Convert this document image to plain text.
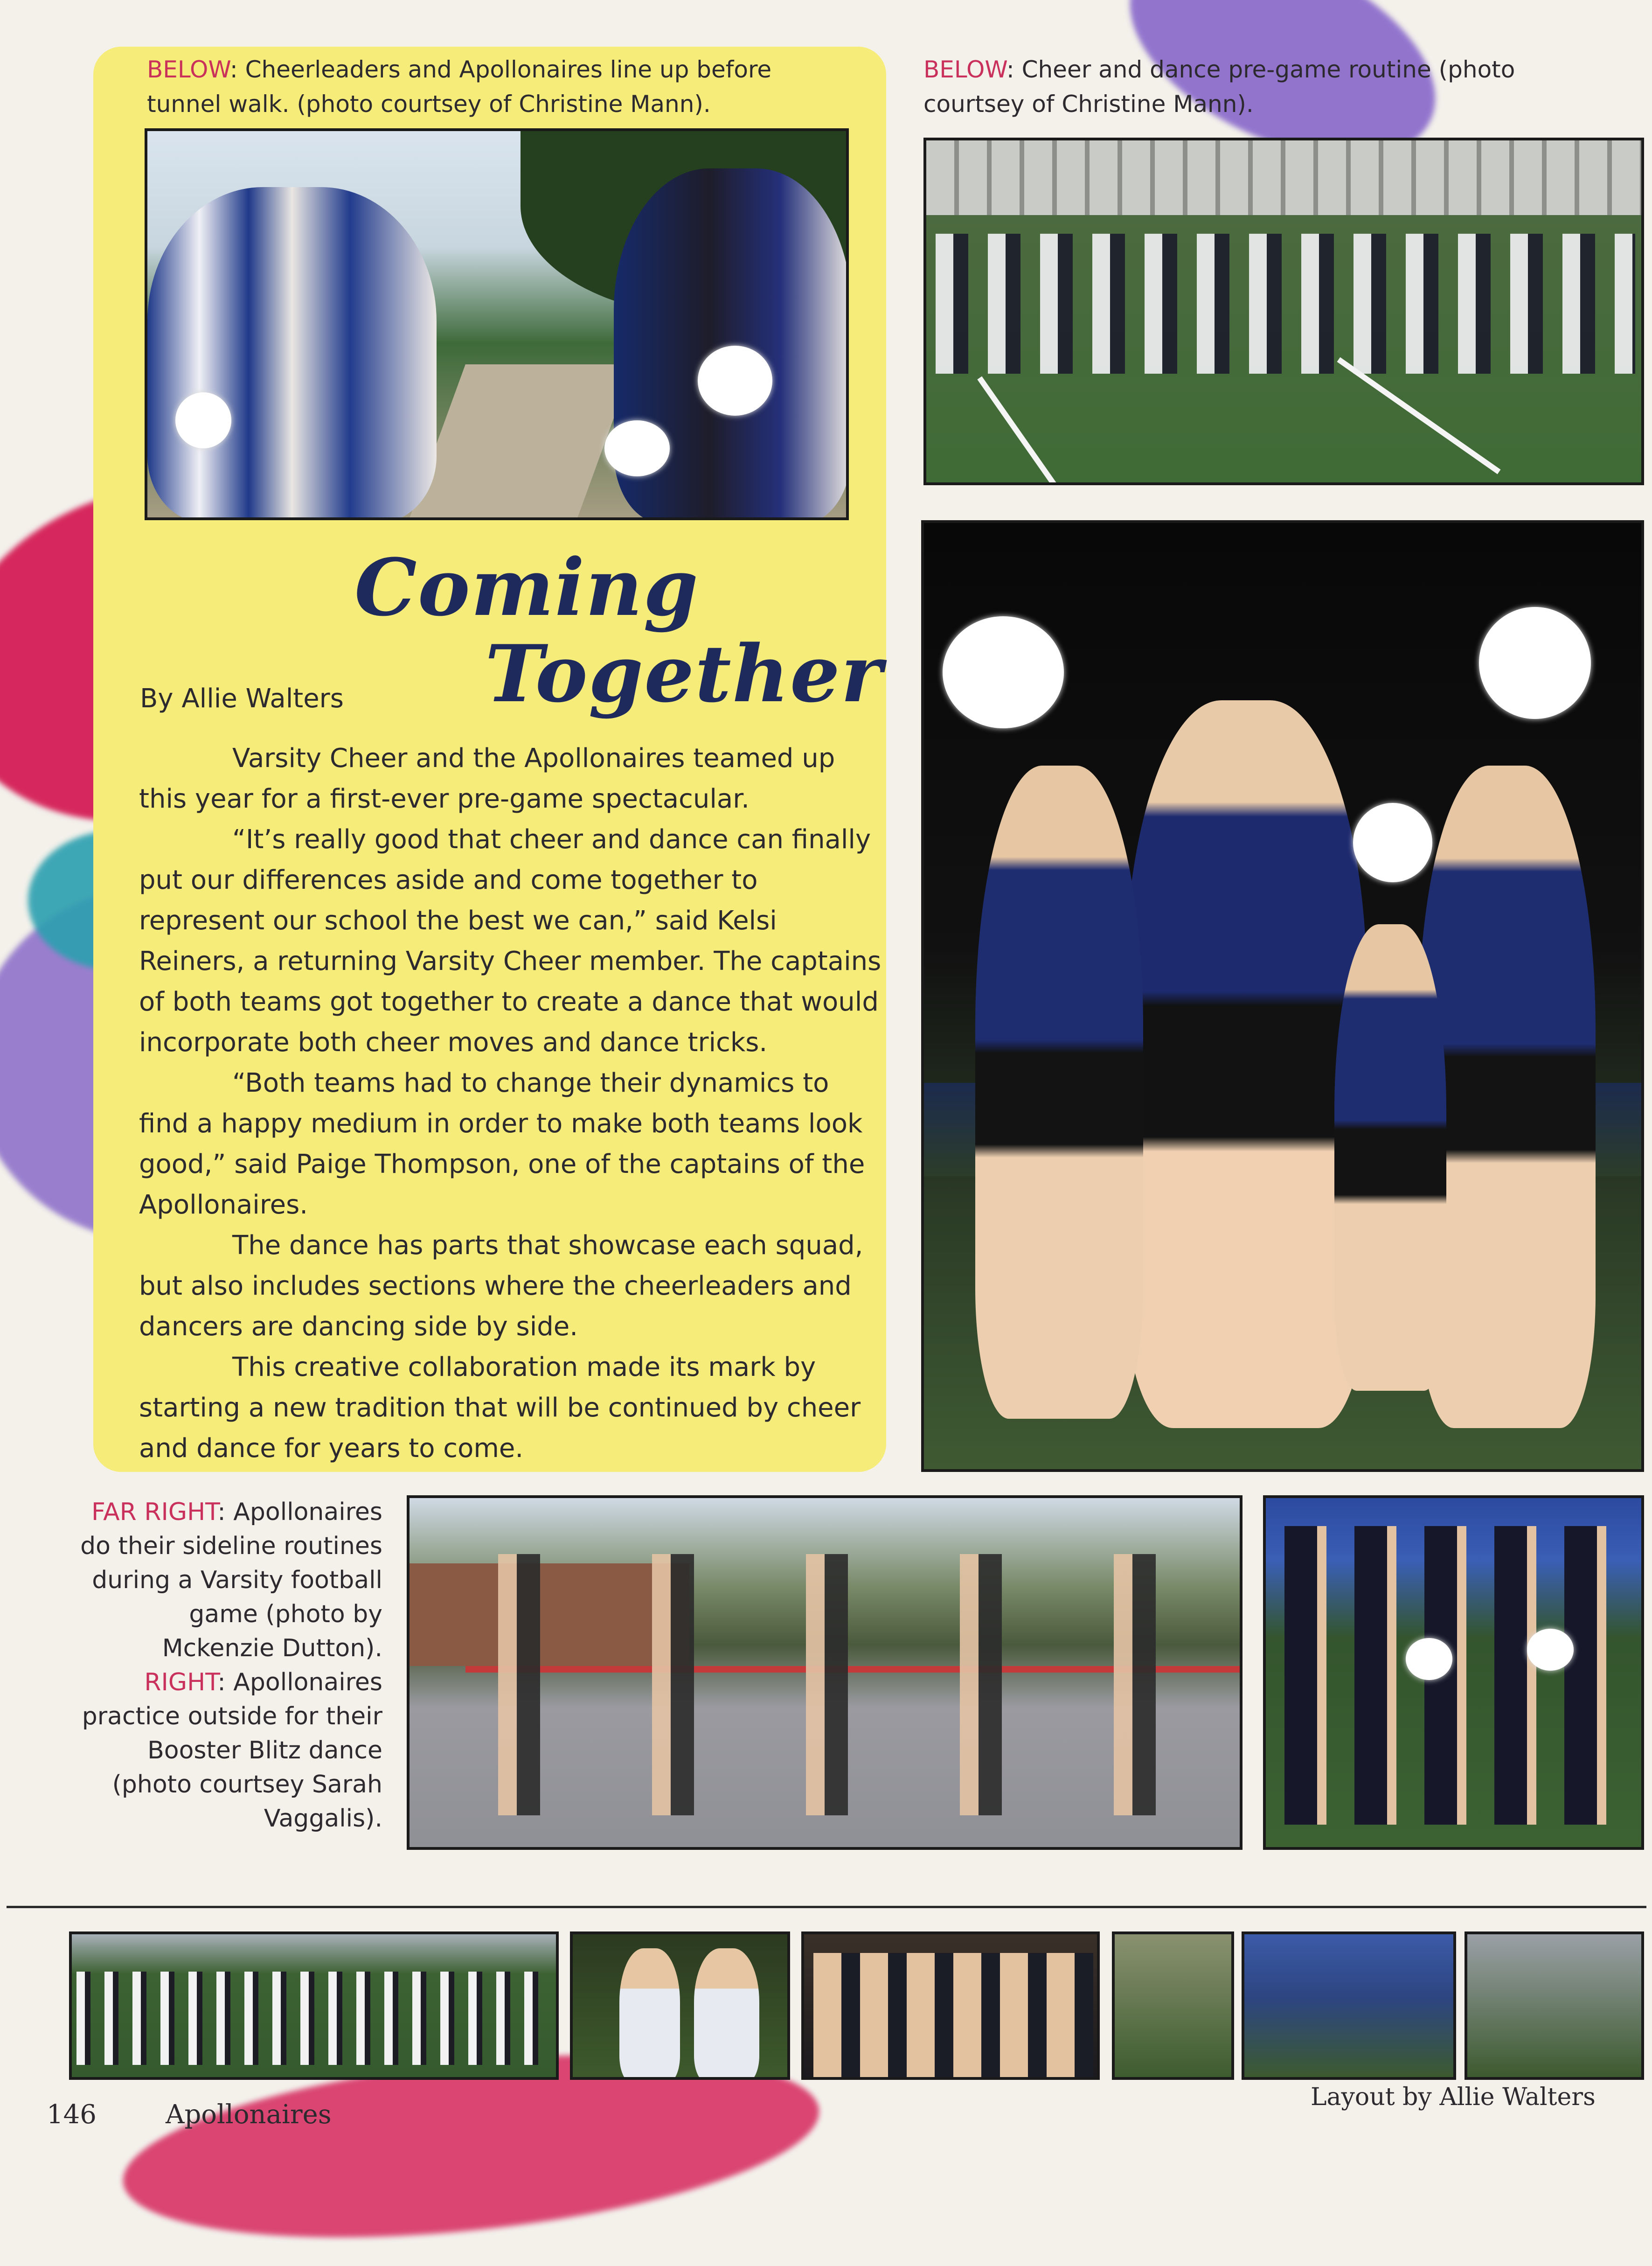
BELOW: Cheerleaders and Apollonaires line up before tunnel walk. (photo courtsey of Christine Mann).
BELOW: Cheer and dance pre-game routine (photo courtsey of Christine Mann).
Coming
Together
By Allie Walters

Varsity Cheer and the Apollonaires teamed up this year for a first-ever pre-game spectacular.

“It’s really good that cheer and dance can finally put our differences aside and come together to represent our school the best we can,” said Kelsi Reiners, a returning Varsity Cheer member. The captains of both teams got together to create a dance that would incorporate both cheer moves and dance tricks.

“Both teams had to change their dynamics to find a happy medium in order to make both teams look good,” said Paige Thompson, one of the captains of the Apollonaires.

The dance has parts that showcase each squad, but also includes sections where the cheerleaders and dancers are dancing side by side.

This creative collaboration made its mark by starting a new tradition that will be continued by cheer and dance for years to come.

FAR RIGHT: Apollonaires do their sideline routines during a Varsity football game (photo by Mckenzie Dutton).
RIGHT: Apollonaires practice outside for their Booster Blitz dance (photo courtsey Sarah Vaggalis).
146	Apollonaires
Layout by Allie Walters
